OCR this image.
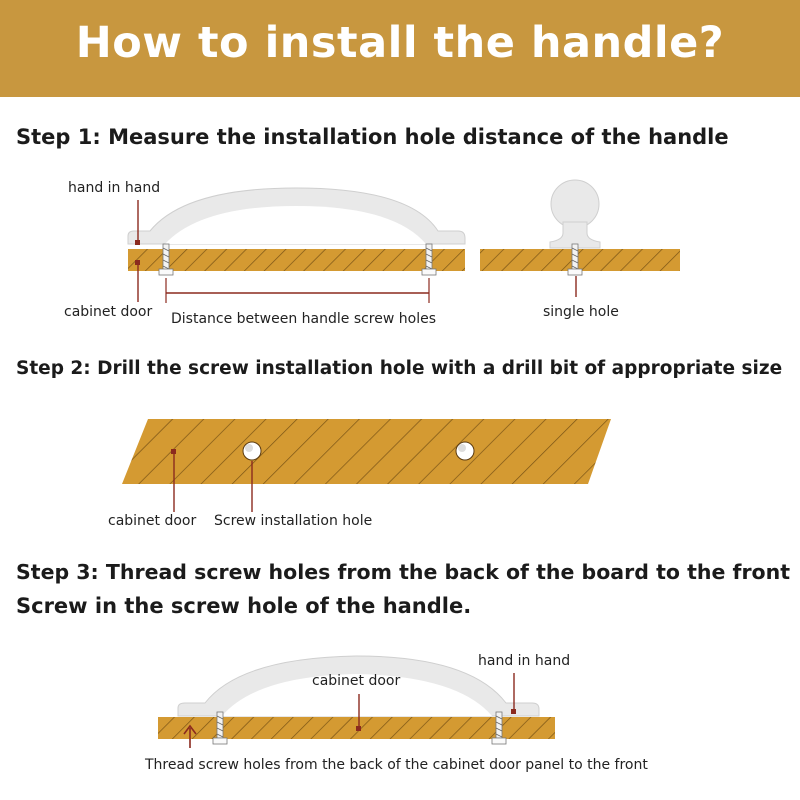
How to install the handle?
Step 1: Measure the installation hole distance of the handle
Step 2: Drill the screw installation hole with a drill bit of appropriate size
Step 3: Thread screw holes from the back of the board to the front
Screw in the screw hole of the handle.
hand in hand
cabinet door Distance between handle screw holes	single hole
cabinet door Screw installation hole
hand in hand
cabinet door
Thread screw holes from the back of the cabinet door panel to the front
